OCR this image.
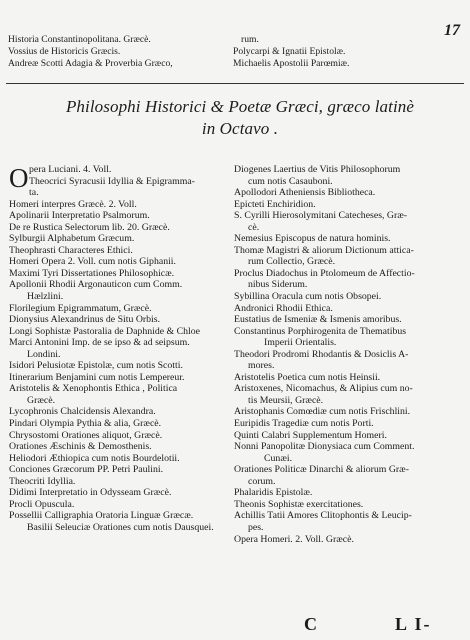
17
Historia Constantinopolitana. Græcè.
Vossius de Historicis Græcis.
Andreæ Scotti Adagia & Proverbia Græco,
rum.
Polycarpi & Ignatii Epistolæ.
Michaelis Apostolii Parœmiæ.
Philosophi Historici & Poetæ Græci, græco latinè
in Octavo .
O pera Luciani. 4. Voll.
Theocrici Syracusii Idyllia & Epigramma-
ta.
Homeri interpres Græcè. 2. Voll.
Apolinarii Interpretatio Psalmorum.
De re Rustica Selectorum lib. 20. Græcè.
Sylburgii Alphabetum Græcum.
Theophrasti Characteres Ethici.
Homeri Opera 2. Voll. cum notis Giphanii.
Maximi Tyri Dissertationes Philosophicæ.
Apollonii Rhodii Argonauticon cum Comm.
Hælzlini.
Florilegium Epigrammatum, Græcè.
Dionysius Alexandrinus de Situ Orbis.
Longi Sophistæ Pastoralia de Daphnide & Chloe
Marci Antonini Imp. de se ipso & ad seipsum.
Londini.
Isidori Pelusiotæ Epistolæ, cum notis Scotti.
Itinerarium Benjamini cum notis Lempereur.
Aristotelis & Xenophontis Ethica , Politica
Græcè.
Lycophronis Chalcidensis Alexandra.
Pindari Olympia Pythia & alia, Græcè.
Chrysostomi Orationes aliquot, Græcè.
Orationes Æschinis & Demosthenis.
Heliodori Æthiopica cum notis Bourdelotii.
Conciones Græcorum PP. Petri Paulini.
Theocriti Idyllia.
Didimi Interpretatio in Odysseam Græcè.
Procli Opuscula.
Possellii Calligraphia Oratoria Linguæ Græcæ.
Basilii Seleuciæ Orationes cum notis Dausquei.
Diogenes Laertius de Vitis Philosophorum
cum notis Casauboni.
Apollodori Atheniensis Bibliotheca.
Epicteti Enchiridion.
S. Cyrilli Hierosolymitani Catecheses, Græ-
cè.
Nemesius Episcopus de natura hominis.
Thomæ Magistri & aliorum Dictionum attica-
rum Collectio, Græcè.
Proclus Diadochus in Ptolomeum de Affectio-
nibus Siderum.
Sybillina Oracula cum notis Obsopei.
Andronici Rhodii Ethica.
Eustatius de Ismeniæ & Ismenis amoribus.
Constantinus Porphirogenita de Thematibus
Imperii Orientalis.
Theodori Prodromi Rhodantis & Dosiclis A-
mores.
Aristotelis Poetica cum notis Heinsii.
Aristoxenes, Nicomachus, & Alipius cum no-
tis Meursii, Græcè.
Aristophanis Comœdiæ cum notis Frischlini.
Euripidis Tragediæ cum notis Porti.
Quinti Calabri Supplementum Homeri.
Nonni Panopolitæ Dionysiaca cum Comment.
Cunæi.
Orationes Politicæ Dinarchi & aliorum Græ-
corum.
Phalaridis Epistolæ.
Theonis Sophistæ exercitationes.
Achillis Tatii Amores Clitophontis & Leucip-
pes.
Opera Homeri. 2. Voll. Græcè.
C	L I-
